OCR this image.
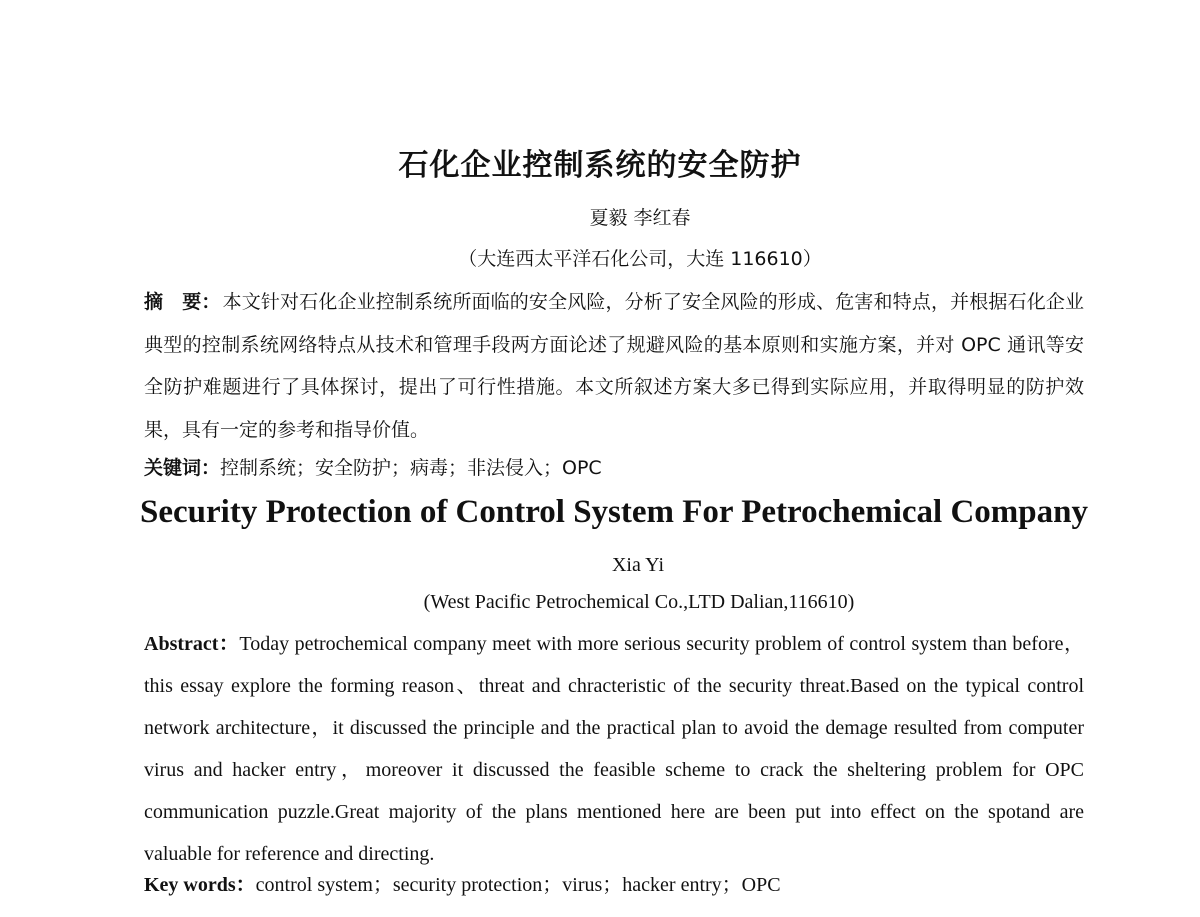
石化企业控制系统的安全防护
夏毅 李红春
（大连西太平洋石化公司，大连 116610）
摘　要： 本文针对石化企业控制系统所面临的安全风险，分析了安全风险的形成、危害和特点，并根据石化企业典型的控制系统网络特点从技术和管理手段两方面论述了规避风险的基本原则和实施方案，并对 OPC 通讯等安全防护难题进行了具体探讨，提出了可行性措施。本文所叙述方案大多已得到实际应用，并取得明显的防护效果，具有一定的参考和指导价值。
关键词：控制系统；安全防护；病毒；非法侵入；OPC
Security Protection of Control System For Petrochemical Company
Xia Yi
(West Pacific Petrochemical Co.,LTD Dalian,116610)
Abstract：Today petrochemical company meet with more serious security problem of control system than before，this essay explore the forming reason、threat and chracteristic of the security threat.Based on the typical control network architecture，it discussed the principle and the practical plan to avoid the demage resulted from computer virus and hacker entry，moreover it discussed the feasible scheme to crack the sheltering problem for OPC communication puzzle.Great majority of the plans mentioned here are been put into effect on the spotand are valuable for reference and directing.
Key words：control system；security protection；virus；hacker entry；OPC
